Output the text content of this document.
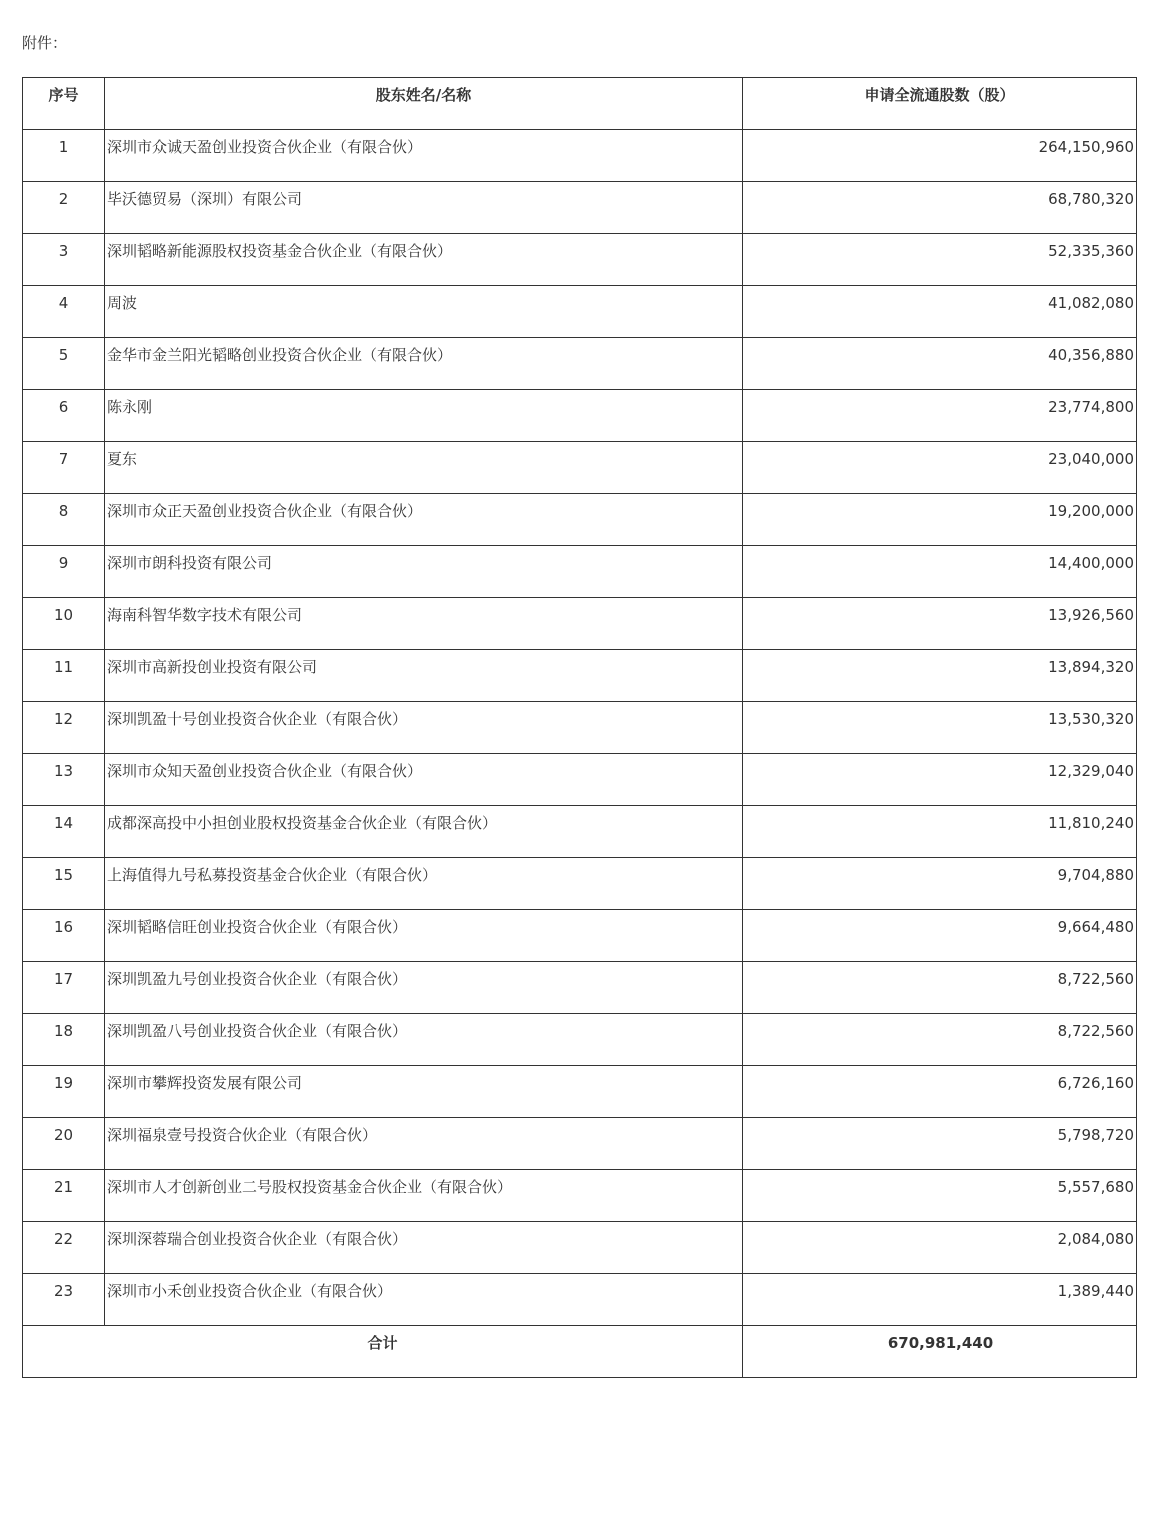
附件：
序号	股东姓名/名称	申请全流通股数（股）
1	深圳市众诚天盈创业投资合伙企业（有限合伙）	264,150,960
2	毕沃德贸易（深圳）有限公司	68,780,320
3	深圳韬略新能源股权投资基金合伙企业（有限合伙）	52,335,360
4	周波	41,082,080
5	金华市金兰阳光韬略创业投资合伙企业（有限合伙）	40,356,880
6	陈永刚	23,774,800
7	夏东	23,040,000
8	深圳市众正天盈创业投资合伙企业（有限合伙）	19,200,000
9	深圳市朗科投资有限公司	14,400,000
10	海南科智华数字技术有限公司	13,926,560
11	深圳市高新投创业投资有限公司	13,894,320
12	深圳凯盈十号创业投资合伙企业（有限合伙）	13,530,320
13	深圳市众知天盈创业投资合伙企业（有限合伙）	12,329,040
14	成都深高投中小担创业股权投资基金合伙企业（有限合伙）	11,810,240
15	上海值得九号私募投资基金合伙企业（有限合伙）	9,704,880
16	深圳韬略信旺创业投资合伙企业（有限合伙）	9,664,480
17	深圳凯盈九号创业投资合伙企业（有限合伙）	8,722,560
18	深圳凯盈八号创业投资合伙企业（有限合伙）	8,722,560
19	深圳市攀辉投资发展有限公司	6,726,160
20	深圳福泉壹号投资合伙企业（有限合伙）	5,798,720
21	深圳市人才创新创业二号股权投资基金合伙企业（有限合伙）	5,557,680
22	深圳深蓉瑞合创业投资合伙企业（有限合伙）	2,084,080
23	深圳市小禾创业投资合伙企业（有限合伙）	1,389,440
合计		670,981,440
